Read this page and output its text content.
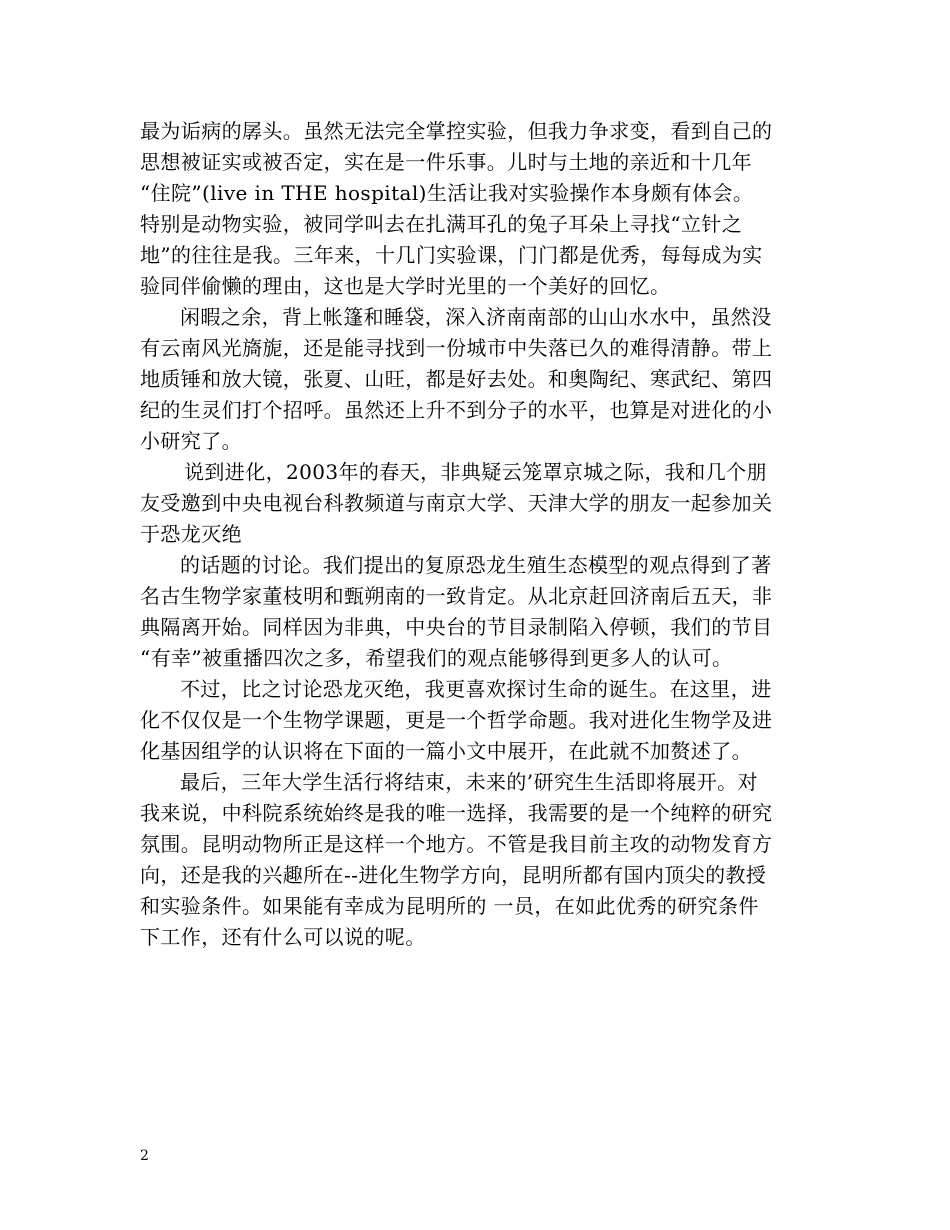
最为诟病的孱头。虽然无法完全掌控实验，但我力争求变，看到自己的
思想被证实或被否定，实在是一件乐事。儿时与土地的亲近和十几年
“住院”(live in THE hospital)生活让我对实验操作本身颇有体会。
特别是动物实验，被同学叫去在扎满耳孔的兔子耳朵上寻找“立针之
地”的往往是我。三年来，十几门实验课，门门都是优秀，每每成为实
验同伴偷懒的理由，这也是大学时光里的一个美好的回忆。
闲暇之余，背上帐篷和睡袋，深入济南南部的山山水水中，虽然没
有云南风光旖旎，还是能寻找到一份城市中失落已久的难得清静。带上
地质锤和放大镜，张夏、山旺，都是好去处。和奥陶纪、寒武纪、第四
纪的生灵们打个招呼。虽然还上升不到分子的水平，也算是对进化的小
小研究了。
说到进化，2003年的春天，非典疑云笼罩京城之际，我和几个朋
友受邀到中央电视台科教频道与南京大学、天津大学的朋友一起参加关
于恐龙灭绝
的话题的讨论。我们提出的复原恐龙生殖生态模型的观点得到了著
名古生物学家董枝明和甄朔南的一致肯定。从北京赶回济南后五天，非
典隔离开始。同样因为非典，中央台的节目录制陷入停顿，我们的节目
“有幸”被重播四次之多，希望我们的观点能够得到更多人的认可。
不过，比之讨论恐龙灭绝，我更喜欢探讨生命的诞生。在这里，进
化不仅仅是一个生物学课题，更是一个哲学命题。我对进化生物学及进
化基因组学的认识将在下面的一篇小文中展开，在此就不加赘述了。
最后，三年大学生活行将结束，未来的’研究生生活即将展开。对
我来说，中科院系统始终是我的唯一选择，我需要的是一个纯粹的研究
氛围。昆明动物所正是这样一个地方。不管是我目前主攻的动物发育方
向，还是我的兴趣所在--进化生物学方向，昆明所都有国内顶尖的教授
和实验条件。如果能有幸成为昆明所的 一员，在如此优秀的研究条件
下工作，还有什么可以说的呢。
2
